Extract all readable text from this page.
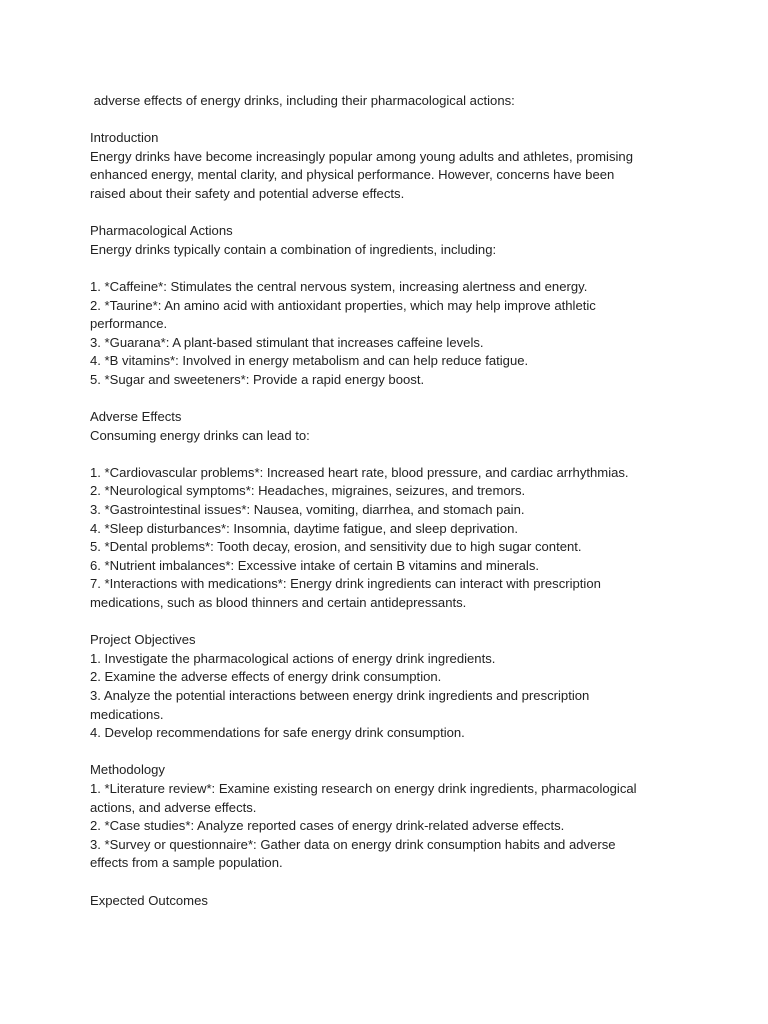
adverse effects of energy drinks, including their pharmacological actions:
Introduction
Energy drinks have become increasingly popular among young adults and athletes, promising
enhanced energy, mental clarity, and physical performance. However, concerns have been
raised about their safety and potential adverse effects.
Pharmacological Actions
Energy drinks typically contain a combination of ingredients, including:
1. *Caffeine*: Stimulates the central nervous system, increasing alertness and energy.
2. *Taurine*: An amino acid with antioxidant properties, which may help improve athletic
performance.
3. *Guarana*: A plant-based stimulant that increases caffeine levels.
4. *B vitamins*: Involved in energy metabolism and can help reduce fatigue.
5. *Sugar and sweeteners*: Provide a rapid energy boost.
Adverse Effects
Consuming energy drinks can lead to:
1. *Cardiovascular problems*: Increased heart rate, blood pressure, and cardiac arrhythmias.
2. *Neurological symptoms*: Headaches, migraines, seizures, and tremors.
3. *Gastrointestinal issues*: Nausea, vomiting, diarrhea, and stomach pain.
4. *Sleep disturbances*: Insomnia, daytime fatigue, and sleep deprivation.
5. *Dental problems*: Tooth decay, erosion, and sensitivity due to high sugar content.
6. *Nutrient imbalances*: Excessive intake of certain B vitamins and minerals.
7. *Interactions with medications*: Energy drink ingredients can interact with prescription
medications, such as blood thinners and certain antidepressants.
Project Objectives
1. Investigate the pharmacological actions of energy drink ingredients.
2. Examine the adverse effects of energy drink consumption.
3. Analyze the potential interactions between energy drink ingredients and prescription
medications.
4. Develop recommendations for safe energy drink consumption.
Methodology
1. *Literature review*: Examine existing research on energy drink ingredients, pharmacological
actions, and adverse effects.
2. *Case studies*: Analyze reported cases of energy drink-related adverse effects.
3. *Survey or questionnaire*: Gather data on energy drink consumption habits and adverse
effects from a sample population.
Expected Outcomes
